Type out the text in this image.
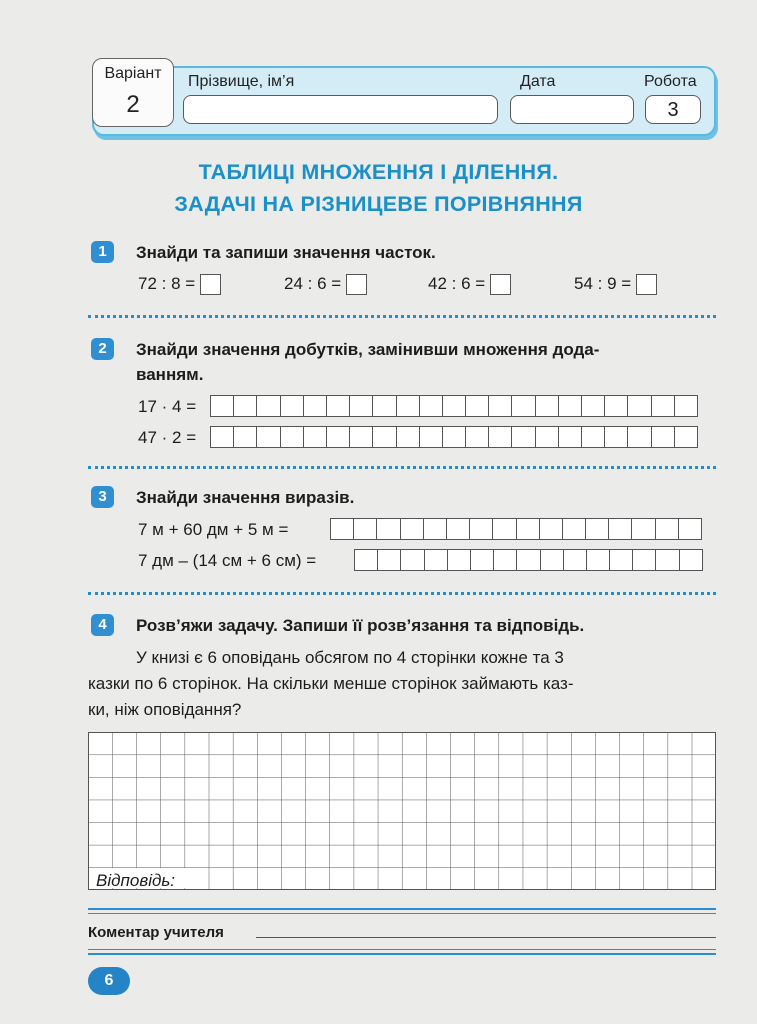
Варіант
2
Прізвище, ім’я	Дата	Робота
3
ТАБЛИЦІ МНОЖЕННЯ І ДІЛЕННЯ.
ЗАДАЧІ НА РІЗНИЦЕВЕ ПОРІВНЯННЯ
1	Знайди та запиши значення часток.
72 : 8 =	24 : 6 =	42 : 6 =	54 : 9 =
2	Знайди значення добутків, замінивши множення дода-
ванням.
17 · 4 =
47 · 2 =
3	Знайди значення виразів.
7 м + 60 дм + 5 м =
7 дм – (14 см + 6 см) =
4	Розв’яжи задачу. Запиши її розв’язання та відповідь.
У книзі є 6 оповідань обсягом по 4 сторінки кожне та 3
казки по 6 сторінок. На скільки менше сторінок займають каз-
ки, ніж оповідання?
Відповідь:
Коментар учителя
6
